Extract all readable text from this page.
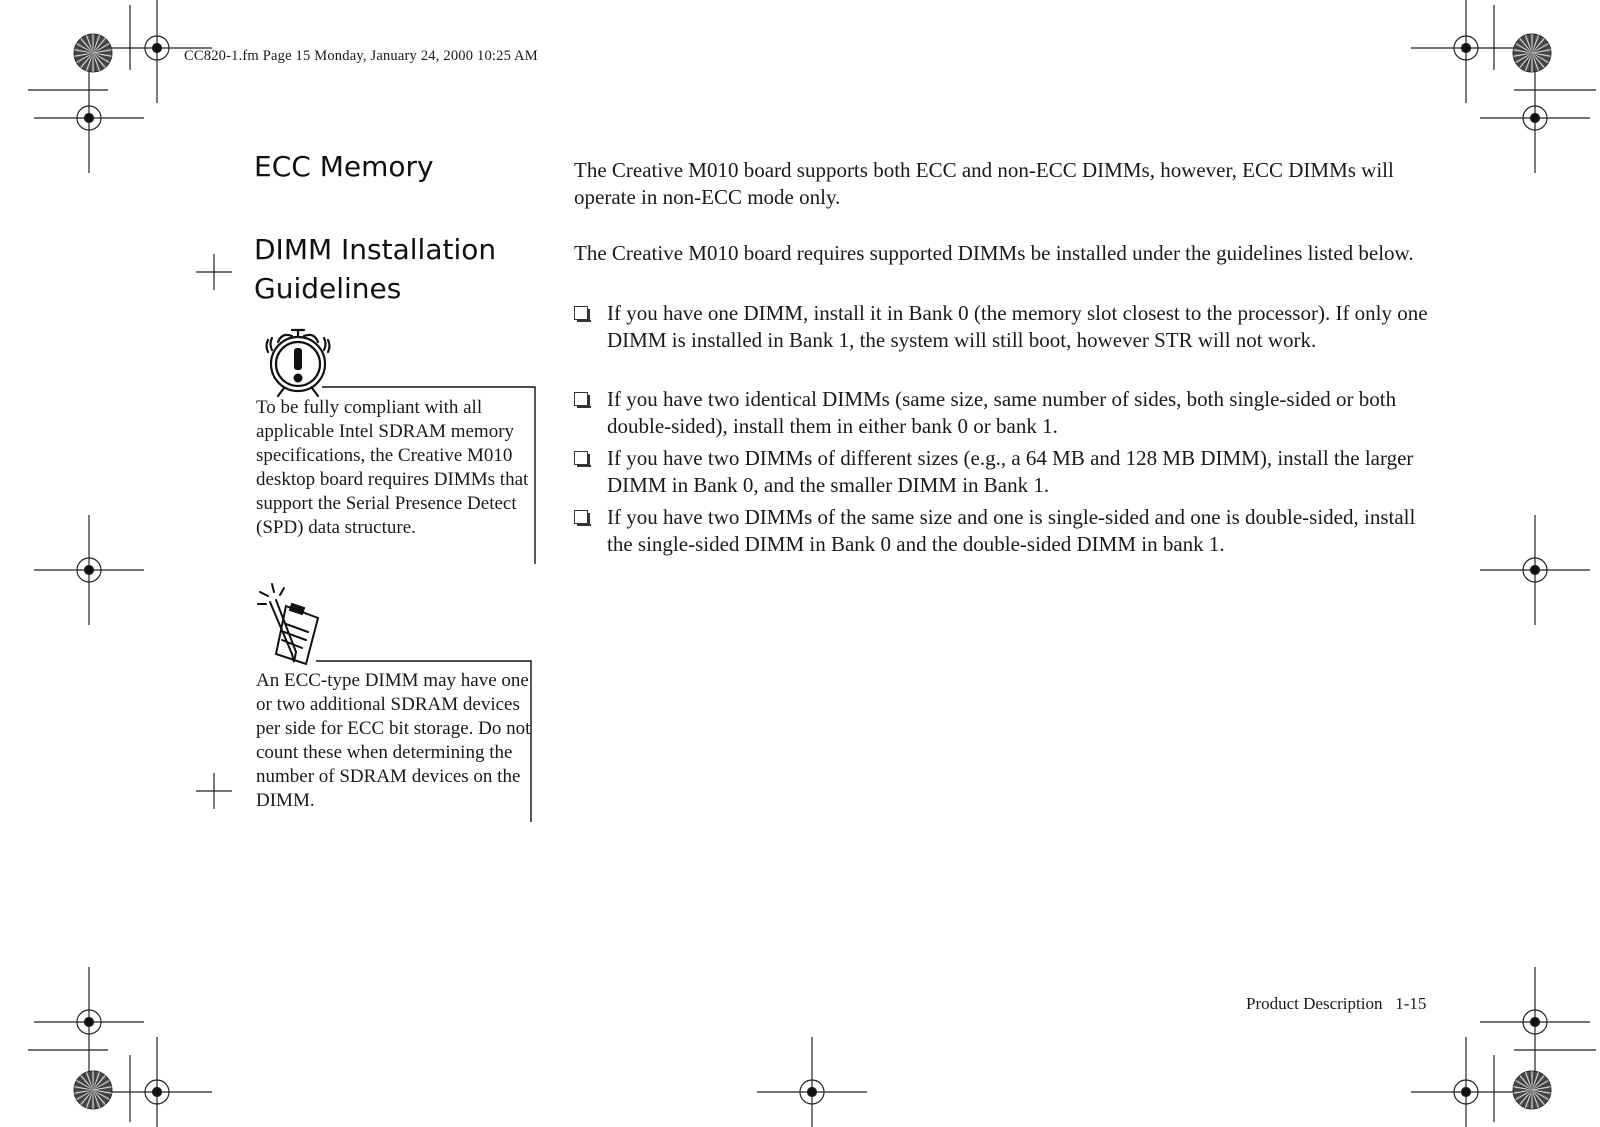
CC820-1.fm Page 15 Monday, January 24, 2000 10:25 AM
ECC Memory	The Creative M010 board supports both ECC and non-ECC DIMMs, however, ECC DIMMs will operate in non-ECC mode only.
DIMM Installation
Guidelines
The Creative M010 board requires supported DIMMs be installed under the guidelines listed below.
If you have one DIMM, install it in Bank 0 (the memory slot closest to the processor). If only one DIMM is installed in Bank 1, the system will still boot, however STR will not work.
If you have two identical DIMMs (same size, same number of sides, both single-sided or both double-sided), install them in either bank 0 or bank 1.
If you have two DIMMs of different sizes (e.g., a 64 MB and 128 MB DIMM), install the larger DIMM in Bank 0, and the smaller DIMM in Bank 1.
If you have two DIMMs of the same size and one is single-sided and one is double-sided, install the single-sided DIMM in Bank 0 and the double-sided DIMM in bank 1.
To be fully compliant with all applicable Intel SDRAM memory specifications, the Creative M010 desktop board requires DIMMs that support the Serial Presence Detect (SPD) data structure.
An ECC-type DIMM may have one or two additional SDRAM devices per side for ECC bit storage. Do not count these when determining the number of SDRAM devices on the DIMM.
Product Description 1-15
